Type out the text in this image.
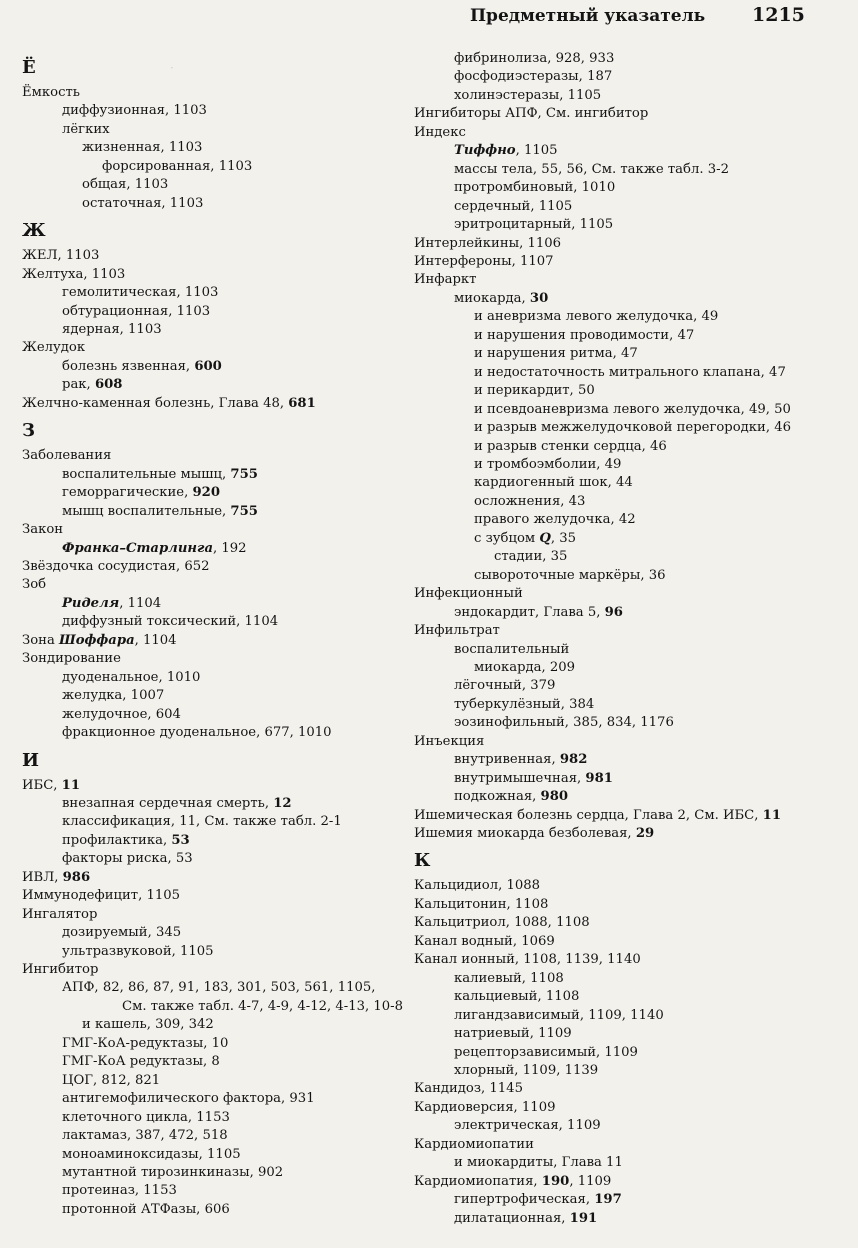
·
Предметный указатель 1215
Ё
Ёмкость
диффузионная, 1103
лёгких
жизненная, 1103
форсированная, 1103
общая, 1103
остаточная, 1103
Ж
ЖЕЛ, 1103
Желтуха, 1103
гемолитическая, 1103
обтурационная, 1103
ядерная, 1103
Желудок
болезнь язвенная, 600
рак, 608
Желчно-каменная болезнь, Глава 48, 681
З
Заболевания
воспалительные мышц, 755
геморрагические, 920
мышц воспалительные, 755
Закон
Франка–Старлинга, 192
Звёздочка сосудистая, 652
Зоб
Риделя, 1104
диффузный токсический, 1104
Зона Шоффара, 1104
Зондирование
дуоденальное, 1010
желудка, 1007
желудочное, 604
фракционное дуоденальное, 677, 1010
И
ИБС, 11
внезапная сердечная смерть, 12
классификация, 11, См. также табл. 2-1
профилактика, 53
факторы риска, 53
ИВЛ, 986
Иммунодефицит, 1105
Ингалятор
дозируемый, 345
ультразвуковой, 1105
Ингибитор
АПФ, 82, 86, 87, 91, 183, 301, 503, 561, 1105,
См. также табл. 4-7, 4-9, 4-12, 4-13, 10-8
и кашель, 309, 342
ГМГ-КоА-редуктазы, 10
ГМГ-КоА редуктазы, 8
ЦОГ, 812, 821
антигемофилического фактора, 931
клеточного цикла, 1153
лактамаз, 387, 472, 518
моноаминоксидазы, 1105
мутантной тирозинкиназы, 902
протеиназ, 1153
протонной АТФазы, 606
фибринолиза, 928, 933
фосфодиэстеразы, 187
холинэстеразы, 1105
Ингибиторы АПФ, См. ингибитор
Индекс
Тиффно, 1105
массы тела, 55, 56, См. также табл. 3-2
протромбиновый, 1010
сердечный, 1105
эритроцитарный, 1105
Интерлейкины, 1106
Интерфероны, 1107
Инфаркт
миокарда, 30
и аневризма левого желудочка, 49
и нарушения проводимости, 47
и нарушения ритма, 47
и недостаточность митрального клапана, 47
и перикардит, 50
и псевдоаневризма левого желудочка, 49, 50
и разрыв межжелудочковой перегородки, 46
и разрыв стенки сердца, 46
и тромбоэмболии, 49
кардиогенный шок, 44
осложнения, 43
правого желудочка, 42
с зубцом Q, 35
стадии, 35
сывороточные маркёры, 36
Инфекционный
эндокардит, Глава 5, 96
Инфильтрат
воспалительный
миокарда, 209
лёгочный, 379
туберкулёзный, 384
эозинофильный, 385, 834, 1176
Инъекция
внутривенная, 982
внутримышечная, 981
подкожная, 980
Ишемическая болезнь сердца, Глава 2, См. ИБС, 11
Ишемия миокарда безболевая, 29
К
Кальцидиол, 1088
Кальцитонин, 1108
Кальцитриол, 1088, 1108
Канал водный, 1069
Канал ионный, 1108, 1139, 1140
калиевый, 1108
кальциевый, 1108
лигандзависимый, 1109, 1140
натриевый, 1109
рецепторзависимый, 1109
хлорный, 1109, 1139
Кандидоз, 1145
Кардиоверсия, 1109
электрическая, 1109
Кардиомиопатии
и миокардиты, Глава 11
Кардиомиопатия, 190, 1109
гипертрофическая, 197
дилатационная, 191
